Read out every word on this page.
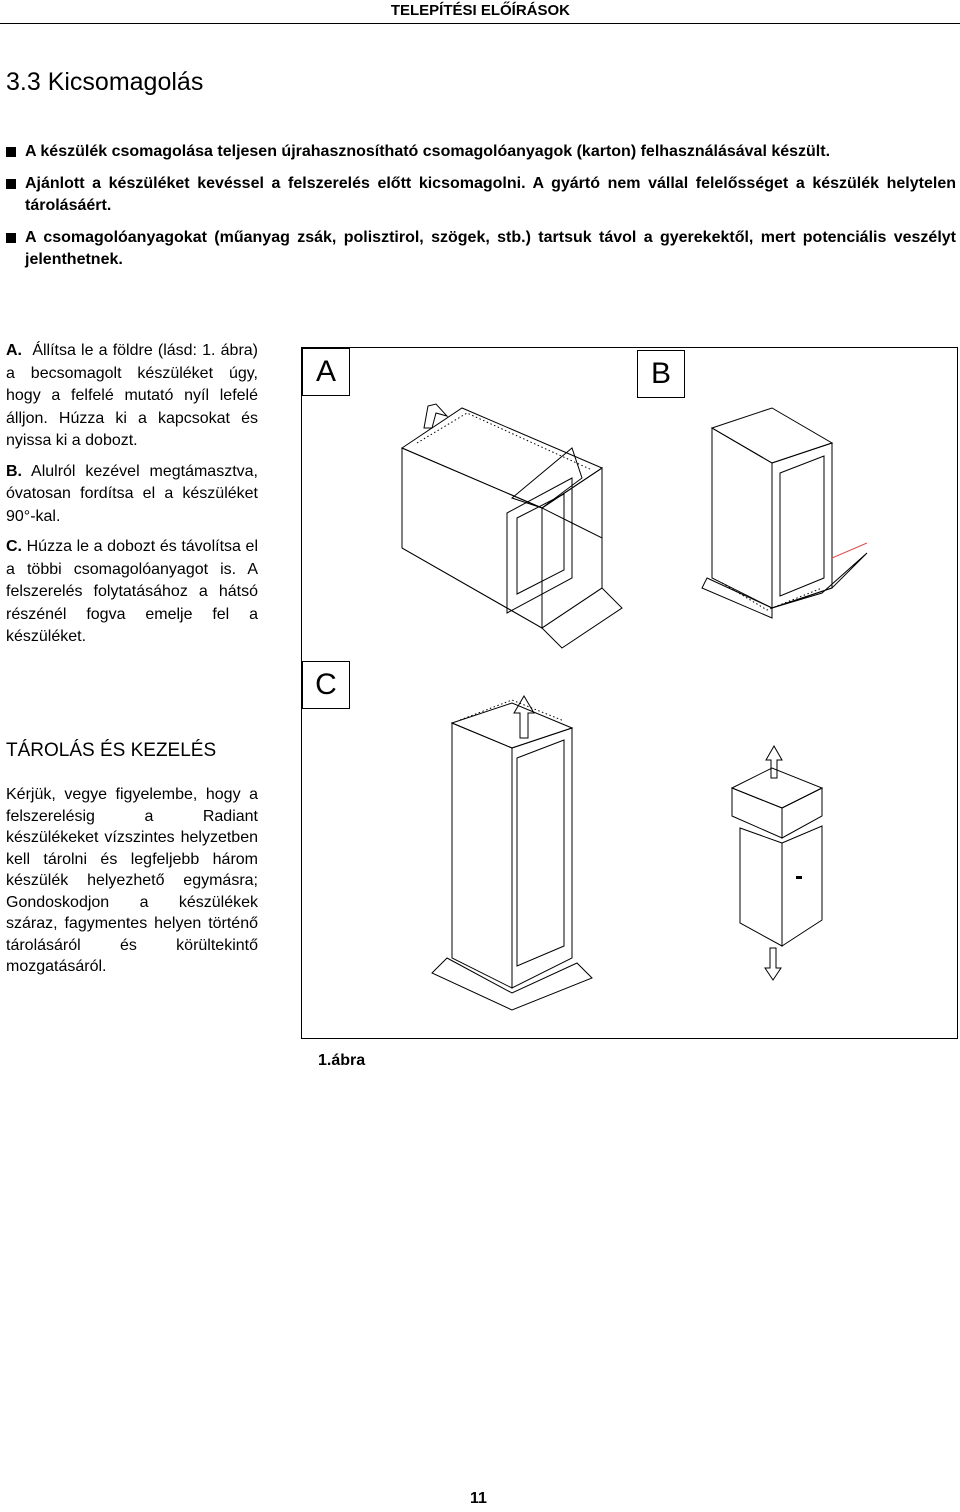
TELEPÍTÉSI ELŐÍRÁSOK
3.3 Kicsomagolás
A készülék csomagolása teljesen újrahasznosítható csomagolóanyagok (karton) felhasználásával készült.
Ajánlott a készüléket kevéssel a felszerelés előtt kicsomagolni. A gyártó nem vállal felelősséget a készülék helytelen tárolásáért.
A csomagolóanyagokat (műanyag zsák, polisztirol, szögek, stb.) tartsuk távol a gyerekektől, mert potenciális veszélyt jelenthetnek.

A. Állítsa le a földre (lásd: 1. ábra) a becsomagolt készüléket úgy, hogy a felfelé mutató nyíl lefelé álljon. Húzza ki a kapcsokat és nyissa ki a dobozt.

B. Alulról kezével megtámasztva, óvatosan fordítsa el a készüléket 90°-kal.

C. Húzza le a dobozt és távolítsa el a többi csomagolóanyagot is. A felszerelés folytatásához a hátsó részénél fogva emelje fel a készüléket.

TÁROLÁS ÉS KEZELÉS
Kérjük, vegye figyelembe, hogy a felszerelésig a Radiant készülékeket vízszintes helyzetben kell tárolni és legfeljebb három készülék helyezhető egymásra; Gondoskodjon a készülékek száraz, fagymentes helyen történő tárolásáról és körültekintő mozgatásáról.
A	B
C
1.ábra
11
